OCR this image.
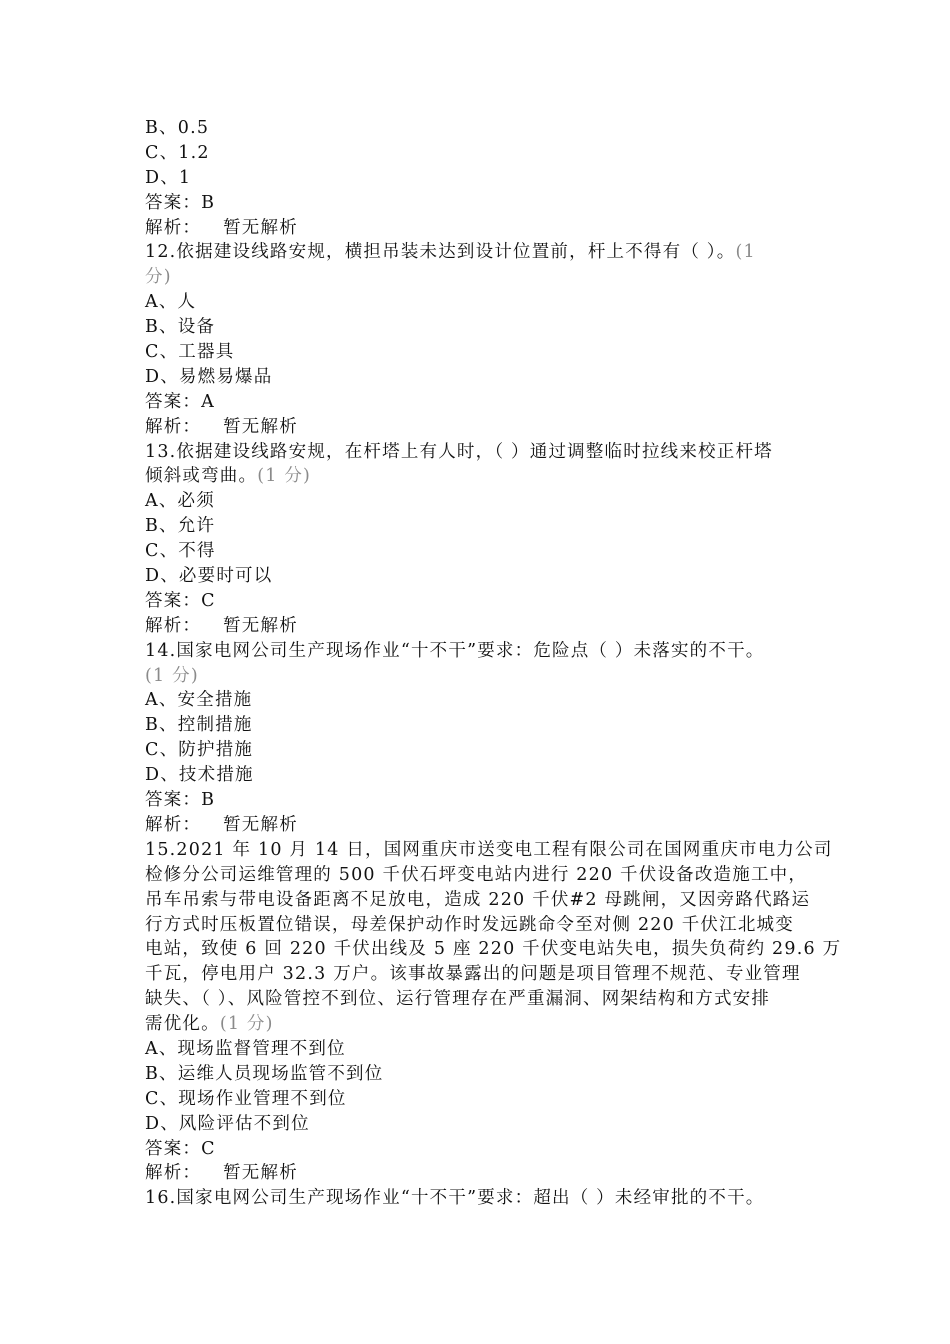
B、0.5
C、1.2
D、1
答案：B
解析： 暂无解析
12.依据建设线路安规，横担吊装未达到设计位置前，杆上不得有（ ）。(1
分)
A、人
B、设备
C、工器具
D、易燃易爆品
答案：A
解析： 暂无解析
13.依据建设线路安规，在杆塔上有人时，（ ）通过调整临时拉线来校正杆塔
倾斜或弯曲。(1 分)
A、必须
B、允许
C、不得
D、必要时可以
答案：C
解析： 暂无解析
14.国家电网公司生产现场作业“十不干”要求：危险点（ ）未落实的不干。
(1 分)
A、安全措施
B、控制措施
C、防护措施
D、技术措施
答案：B
解析： 暂无解析
15.2021 年 10 月 14 日，国网重庆市送变电工程有限公司在国网重庆市电力公司
检修分公司运维管理的 500 千伏石坪变电站内进行 220 千伏设备改造施工中，
吊车吊索与带电设备距离不足放电，造成 220 千伏#2 母跳闸，又因旁路代路运
行方式时压板置位错误，母差保护动作时发远跳命令至对侧 220 千伏江北城变
电站，致使 6 回 220 千伏出线及 5 座 220 千伏变电站失电，损失负荷约 29.6 万
千瓦，停电用户 32.3 万户。该事故暴露出的问题是项目管理不规范、专业管理
缺失、（ ）、风险管控不到位、运行管理存在严重漏洞、网架结构和方式安排
需优化。(1 分)
A、现场监督管理不到位
B、运维人员现场监管不到位
C、现场作业管理不到位
D、风险评估不到位
答案：C
解析： 暂无解析
16.国家电网公司生产现场作业“十不干”要求：超出（ ）未经审批的不干。
